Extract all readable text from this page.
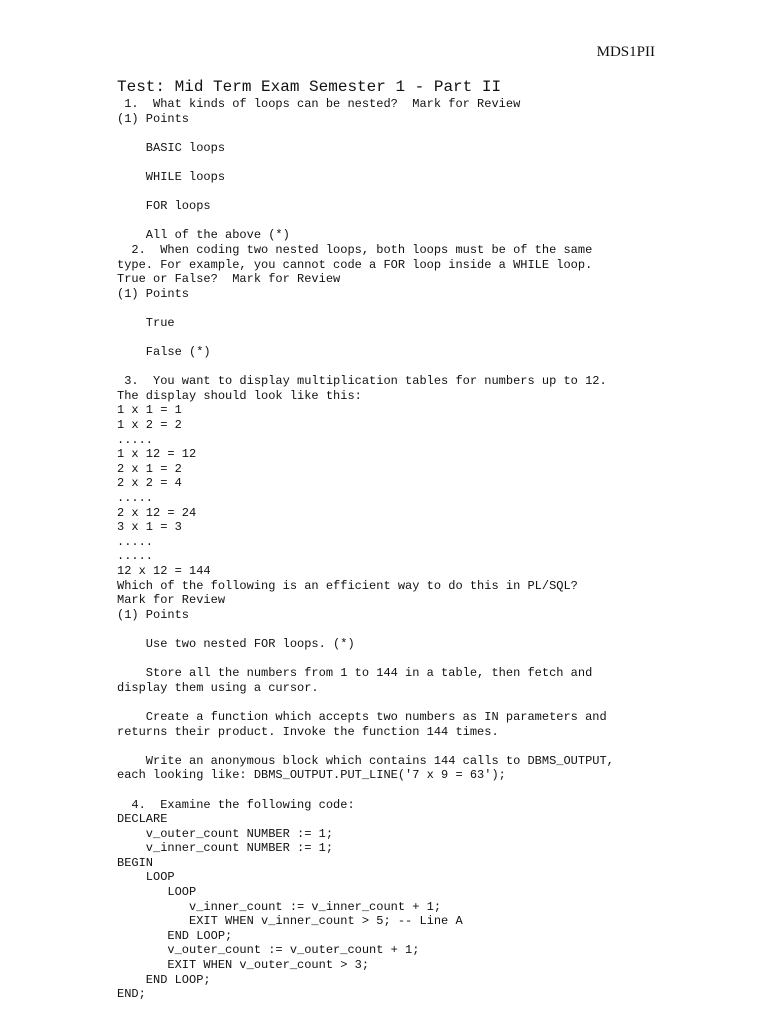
MDS1PII
Test: Mid Term Exam Semester 1 - Part II
1.  What kinds of loops can be nested?  Mark for Review
(1) Points
BASIC loops
WHILE loops
FOR loops
All of the above (*)
2.  When coding two nested loops, both loops must be of the same
type. For example, you cannot code a FOR loop inside a WHILE loop.
True or False?  Mark for Review
(1) Points
True
False (*)
3.  You want to display multiplication tables for numbers up to 12.
The display should look like this:
1 x 1 = 1
1 x 2 = 2
.....
1 x 12 = 12
2 x 1 = 2
2 x 2 = 4
.....
2 x 12 = 24
3 x 1 = 3
.....
.....
12 x 12 = 144
Which of the following is an efficient way to do this in PL/SQL?
Mark for Review
(1) Points
Use two nested FOR loops. (*)
Store all the numbers from 1 to 144 in a table, then fetch and
display them using a cursor.
Create a function which accepts two numbers as IN parameters and
returns their product. Invoke the function 144 times.
Write an anonymous block which contains 144 calls to DBMS_OUTPUT,
each looking like: DBMS_OUTPUT.PUT_LINE('7 x 9 = 63');
4.  Examine the following code:
DECLARE
v_outer_count NUMBER := 1;
v_inner_count NUMBER := 1;
BEGIN
LOOP
LOOP
v_inner_count := v_inner_count + 1;
EXIT WHEN v_inner_count > 5; -- Line A
END LOOP;
v_outer_count := v_outer_count + 1;
EXIT WHEN v_outer_count > 3;
END LOOP;
END;
